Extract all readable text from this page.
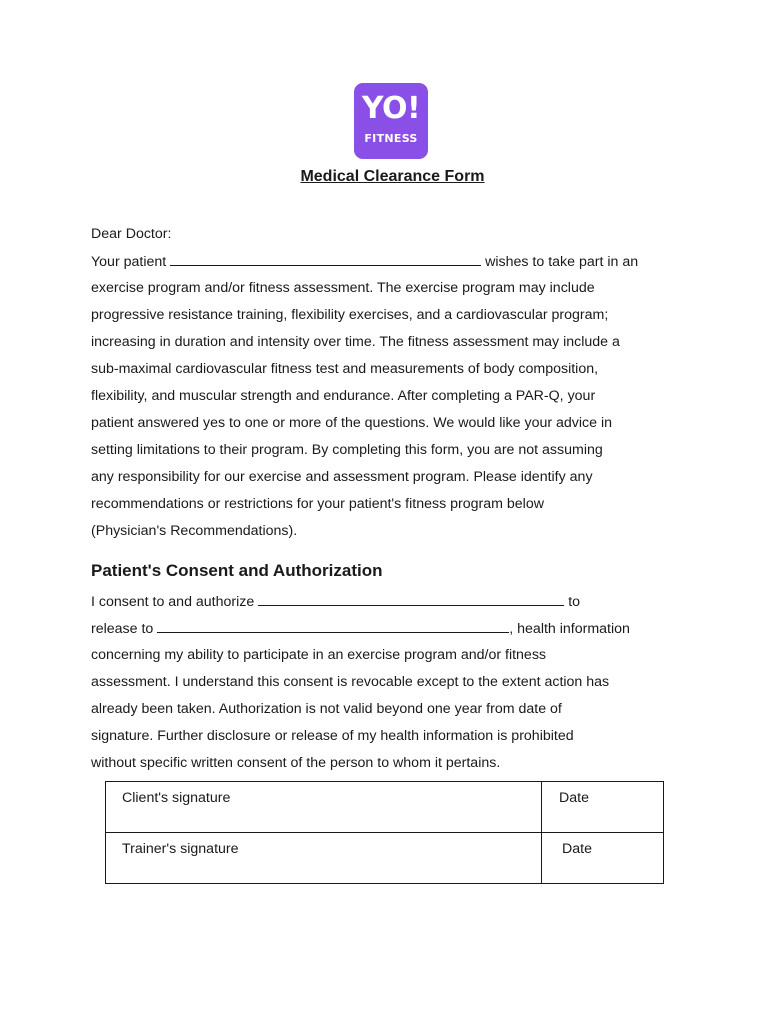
YO!
FITNESS
Medical Clearance Form
Dear Doctor:
Your patient	wishes to take part in an
exercise program and/or fitness assessment. The exercise program may include
progressive resistance training, flexibility exercises, and a cardiovascular program;
increasing in duration and intensity over time. The fitness assessment may include a
sub-maximal cardiovascular fitness test and measurements of body composition,
flexibility, and muscular strength and endurance. After completing a PAR-Q, your
patient answered yes to one or more of the questions. We would like your advice in
setting limitations to their program. By completing this form, you are not assuming
any responsibility for our exercise and assessment program. Please identify any
recommendations or restrictions for your patient's fitness program below
(Physician's Recommendations).
Patient's Consent and Authorization
I consent to and authorize	to
release to	, health information
concerning my ability to participate in an exercise program and/or fitness
assessment. I understand this consent is revocable except to the extent action has
already been taken. Authorization is not valid beyond one year from date of
signature. Further disclosure or release of my health information is prohibited
without specific written consent of the person to whom it pertains.
Client's signature	Date
Trainer's signature	Date
